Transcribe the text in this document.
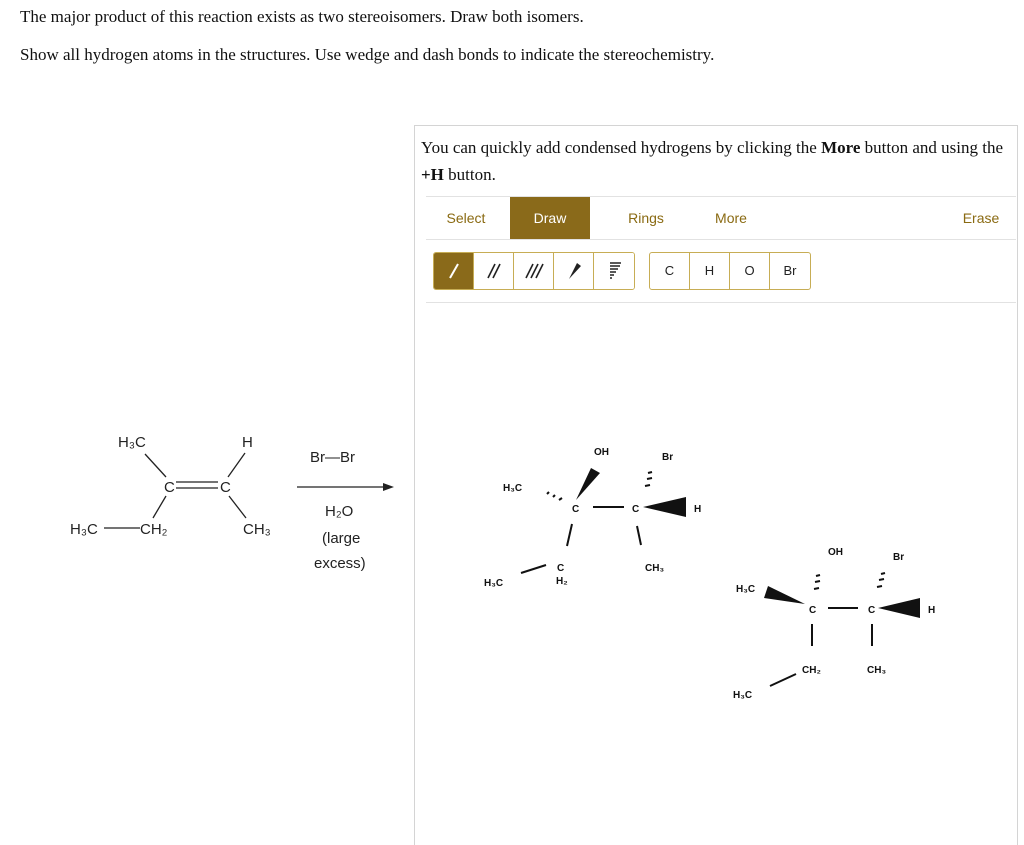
The major product of this reaction exists as two stereoisomers. Draw both isomers.
Show all hydrogen atoms in the structures. Use wedge and dash bonds to indicate the stereochemistry.
You can quickly add condensed hydrogens by clicking the More button and using the +H button.
Select	Draw	Rings	More	Erase
C	H	O	Br
H₃C	H
C	C
H₃C	CH₂	CH₃
Br—Br
H₂O
(large
excess)
OH	Br
H₃C
C	C	H
CH₃
H₃C
C
H₂
OH	Br
H₃C
C	C	H
CH₂	CH₃
H₃C
